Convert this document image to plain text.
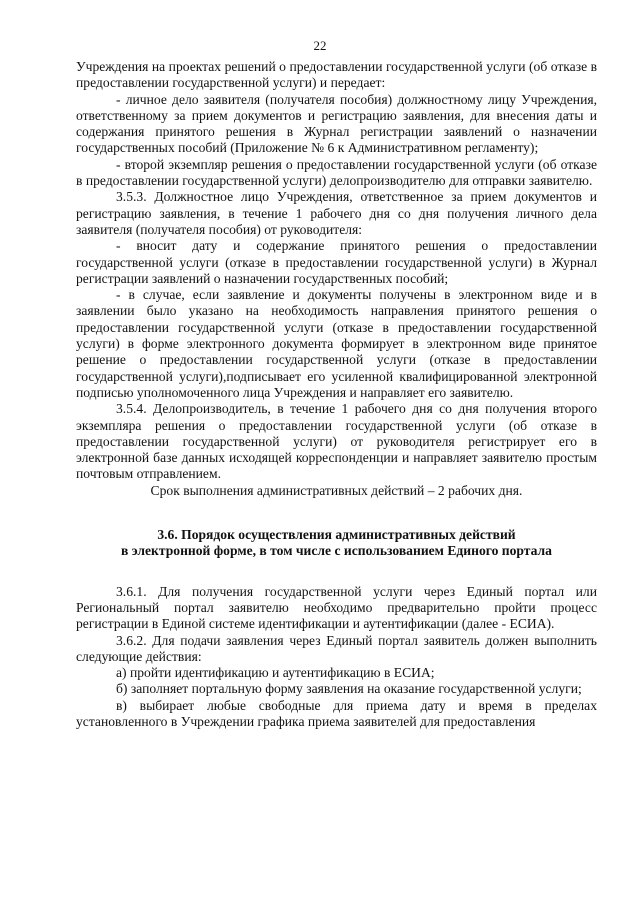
22

Учреждения на проектах решений о предоставлении государственной услуги (об отказе в предоставлении государственной услуги) и передает:

- личное дело заявителя (получателя пособия) должностному лицу Учреждения, ответственному за прием документов и регистрацию заявления, для внесения даты и содержания принятого решения в Журнал регистрации заявлений о назначении государственных пособий (Приложение № 6 к Административном регламенту);

- второй экземпляр решения о предоставлении государственной услуги (об отказе в предоставлении государственной услуги) делопроизводителю для отправки заявителю.

3.5.3. Должностное лицо Учреждения, ответственное за прием документов и регистрацию заявления, в течение 1 рабочего дня со дня получения личного дела заявителя (получателя пособия) от руководителя:

- вносит дату и содержание принятого решения о предоставлении государственной услуги (отказе в предоставлении государственной услуги) в Журнал регистрации заявлений о назначении государственных пособий;

- в случае, если заявление и документы получены в электронном виде и в заявлении было указано на необходимость направления принятого решения о предоставлении государственной услуги (отказе в предоставлении государственной услуги) в форме электронного документа формирует в электронном виде принятое решение о предоставлении государственной услуги (отказе в предоставлении государственной услуги),подписывает его усиленной квалифицированной электронной подписью уполномоченного лица Учреждения и направляет его заявителю.

3.5.4. Делопроизводитель, в течение 1 рабочего дня со дня получения второго экземпляра решения о предоставлении государственной услуги (об отказе в предоставлении государственной услуги) от руководителя регистрирует его в электронной базе данных исходящей корреспонденции и направляет заявителю простым почтовым отправлением.

Срок выполнения административных действий – 2 рабочих дня.

3.6. Порядок осуществления административных действий

в электронной форме, в том числе с использованием Единого портала

3.6.1. Для получения государственной услуги через Единый портал или Региональный портал заявителю необходимо предварительно пройти процесс регистрации в Единой системе идентификации и аутентификации (далее - ЕСИА).

3.6.2. Для подачи заявления через Единый портал заявитель должен выполнить следующие действия:

а) пройти идентификацию и аутентификацию в ЕСИА;

б) заполняет портальную форму заявления на оказание государственной услуги;

в) выбирает любые свободные для приема дату и время в пределах установленного в Учреждении графика приема заявителей для предоставления
